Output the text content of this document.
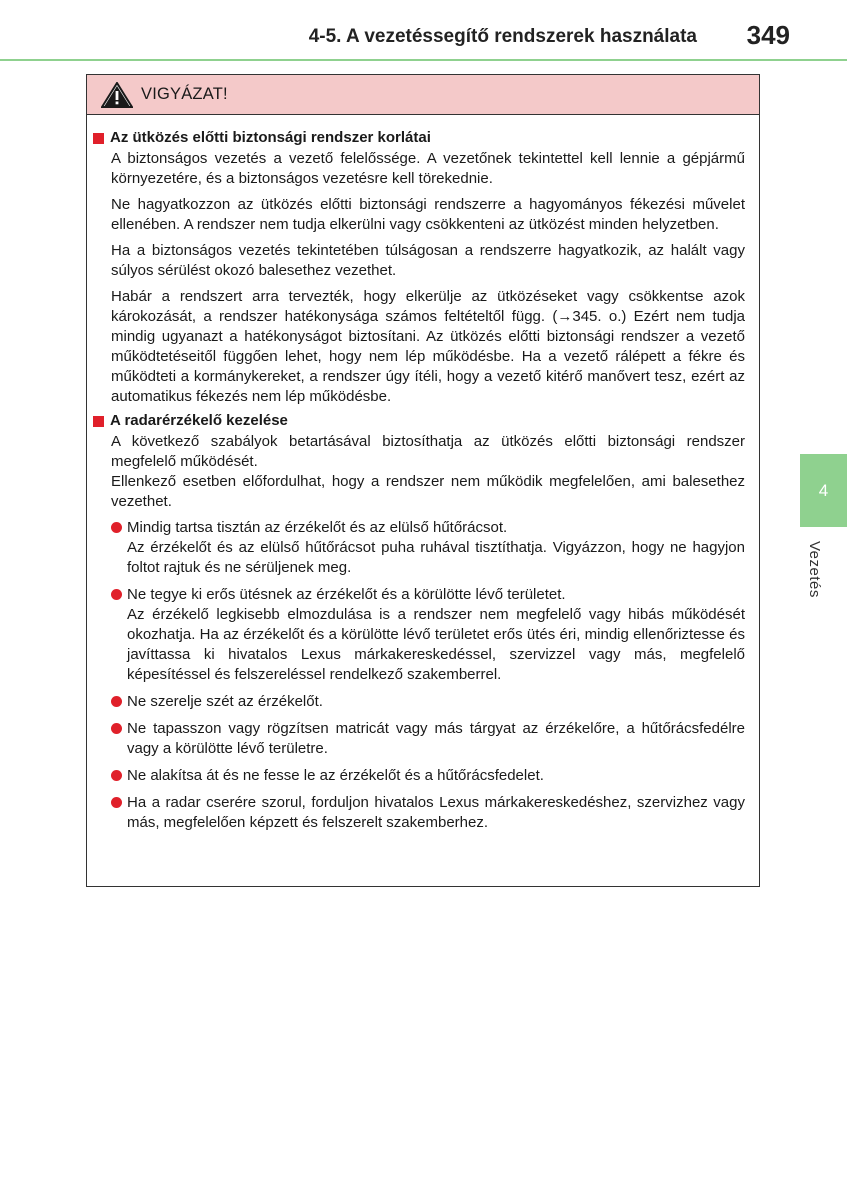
4-5. A vezetéssegítő rendszerek használata 349
VIGYÁZAT!
Az ütközés előtti biztonsági rendszer korlátai

A biztonságos vezetés a vezető felelőssége. A vezetőnek tekintettel kell lennie a gépjármű környezetére, és a biztonságos vezetésre kell törekednie.

Ne hagyatkozzon az ütközés előtti biztonsági rendszerre a hagyományos fékezési művelet ellenében. A rendszer nem tudja elkerülni vagy csökkenteni az ütközést minden helyzetben.

Ha a biztonságos vezetés tekintetében túlságosan a rendszerre hagyatkozik, az halált vagy súlyos sérülést okozó balesethez vezethet.

Habár a rendszert arra tervezték, hogy elkerülje az ütközéseket vagy csökkentse azok károkozását, a rendszer hatékonysága számos feltételtől függ. (→345. o.) Ezért nem tudja mindig ugyanazt a hatékonyságot biztosítani. Az ütközés előtti biztonsági rendszer a vezető működtetéseitől függően lehet, hogy nem lép működésbe. Ha a vezető rálépett a fékre és működteti a kormánykereket, a rendszer úgy ítéli, hogy a vezető kitérő manővert tesz, ezért az automatikus fékezés nem lép működésbe.

A radarérzékelő kezelése

A következő szabályok betartásával biztosíthatja az ütközés előtti biztonsági rendszer megfelelő működését.

Ellenkező esetben előfordulhat, hogy a rendszer nem működik megfelelően, ami balesethez vezethet.

Mindig tartsa tisztán az érzékelőt és az elülső hűtőrácsot.
Az érzékelőt és az elülső hűtőrácsot puha ruhával tisztíthatja. Vigyázzon, hogy ne hagyjon foltot rajtuk és ne sérüljenek meg.
Ne tegye ki erős ütésnek az érzékelőt és a körülötte lévő területet.
Az érzékelő legkisebb elmozdulása is a rendszer nem megfelelő vagy hibás működését okozhatja. Ha az érzékelőt és a körülötte lévő területet erős ütés éri, mindig ellenőriztesse és javíttassa ki hivatalos Lexus márkakereskedéssel, szervizzel vagy más, megfelelő képesítéssel és felszereléssel rendelkező szakemberrel.
Ne szerelje szét az érzékelőt.
Ne tapasszon vagy rögzítsen matricát vagy más tárgyat az érzékelőre, a hűtőrácsfedélre vagy a körülötte lévő területre.
Ne alakítsa át és ne fesse le az érzékelőt és a hűtőrácsfedelet.
Ha a radar cserére szorul, forduljon hivatalos Lexus márkakereskedéshez, szervizhez vagy más, megfelelően képzett és felszerelt szakemberhez.
4
Vezetés
